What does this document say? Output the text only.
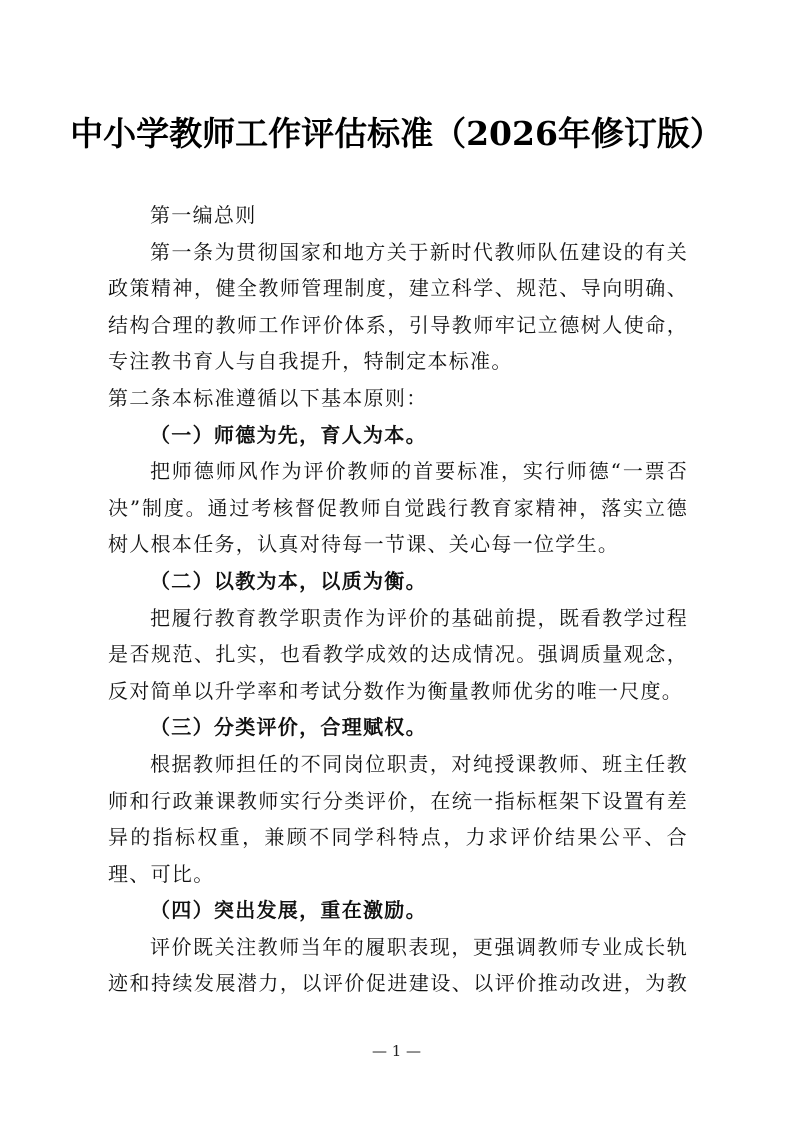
中小学教师工作评估标准（2026年修订版）

第一编总则

第一条为贯彻国家和地方关于新时代教师队伍建设的有关政策精神，健全教师管理制度，建立科学、规范、导向明确、结构合理的教师工作评价体系，引导教师牢记立德树人使命，专注教书育人与自我提升，特制定本标准。

第二条本标准遵循以下基本原则：

（一）师德为先，育人为本。

把师德师风作为评价教师的首要标准，实行师德“一票否决”制度。通过考核督促教师自觉践行教育家精神，落实立德树人根本任务，认真对待每一节课、关心每一位学生。

（二）以教为本，以质为衡。

把履行教育教学职责作为评价的基础前提，既看教学过程是否规范、扎实，也看教学成效的达成情况。强调质量观念，反对简单以升学率和考试分数作为衡量教师优劣的唯一尺度。

（三）分类评价，合理赋权。

根据教师担任的不同岗位职责，对纯授课教师、班主任教师和行政兼课教师实行分类评价，在统一指标框架下设置有差异的指标权重，兼顾不同学科特点，力求评价结果公平、合理、可比。

（四）突出发展，重在激励。

评价既关注教师当年的履职表现，更强调教师专业成长轨迹和持续发展潜力，以评价促进建设、以评价推动改进，为教

— 1 —
